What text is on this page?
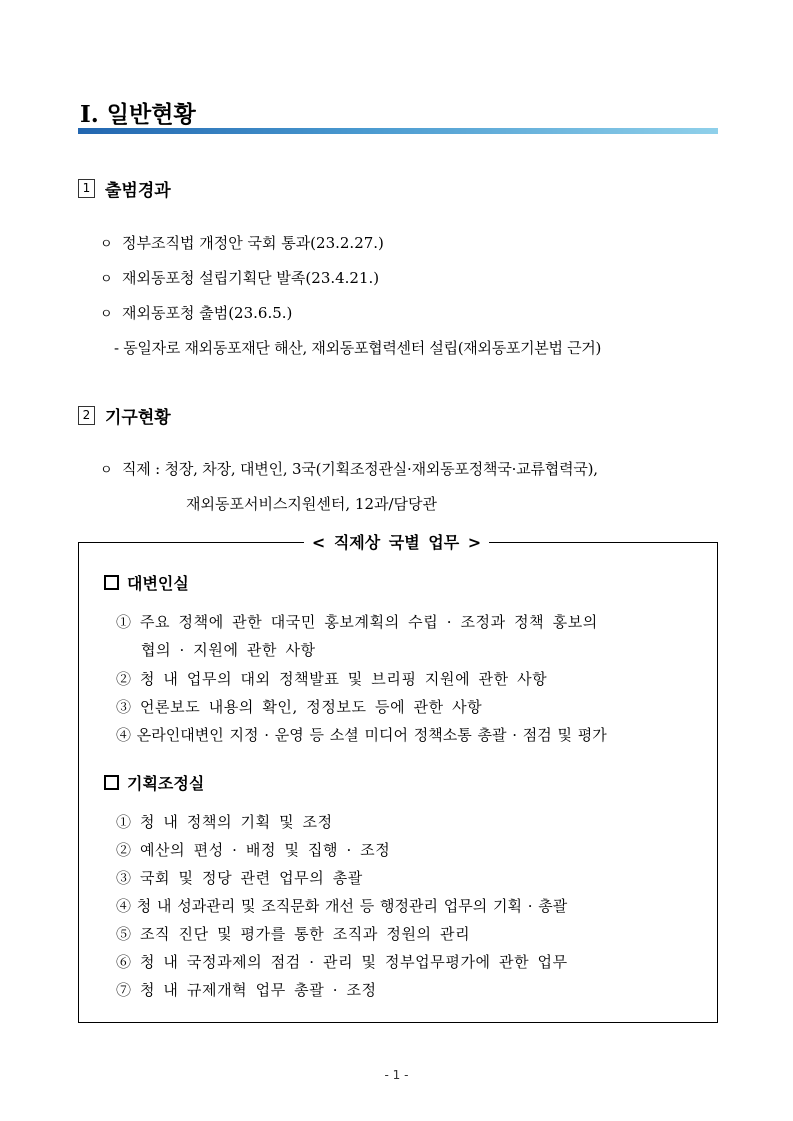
I. 일반현황
1 출범경과
ㅇ 정부조직법 개정안 국회 통과(23.2.27.)
ㅇ 재외동포청 설립기획단 발족(23.4.21.)
ㅇ 재외동포청 출범(23.6.5.)
- 동일자로 재외동포재단 해산, 재외동포협력센터 설립(재외동포기본법 근거)
2 기구현황
ㅇ 직제 : 청장, 차장, 대변인, 3국(기획조정관실·재외동포정책국·교류협력국),
재외동포서비스지원센터, 12과/담당관
< 직제상 국별 업무 >
대변인실
① 주요 정책에 관한 대국민 홍보계획의 수립 · 조정과 정책 홍보의
협의 · 지원에 관한 사항
② 청 내 업무의 대외 정책발표 및 브리핑 지원에 관한 사항
③ 언론보도 내용의 확인, 정정보도 등에 관한 사항
④ 온라인대변인 지정 · 운영 등 소셜 미디어 정책소통 총괄 · 점검 및 평가
기획조정실
① 청 내 정책의 기획 및 조정
② 예산의 편성 · 배정 및 집행 · 조정
③ 국회 및 정당 관련 업무의 총괄
④ 청 내 성과관리 및 조직문화 개선 등 행정관리 업무의 기획 · 총괄
⑤ 조직 진단 및 평가를 통한 조직과 정원의 관리
⑥ 청 내 국정과제의 점검 · 관리 및 정부업무평가에 관한 업무
⑦ 청 내 규제개혁 업무 총괄 · 조정
- 1 -
